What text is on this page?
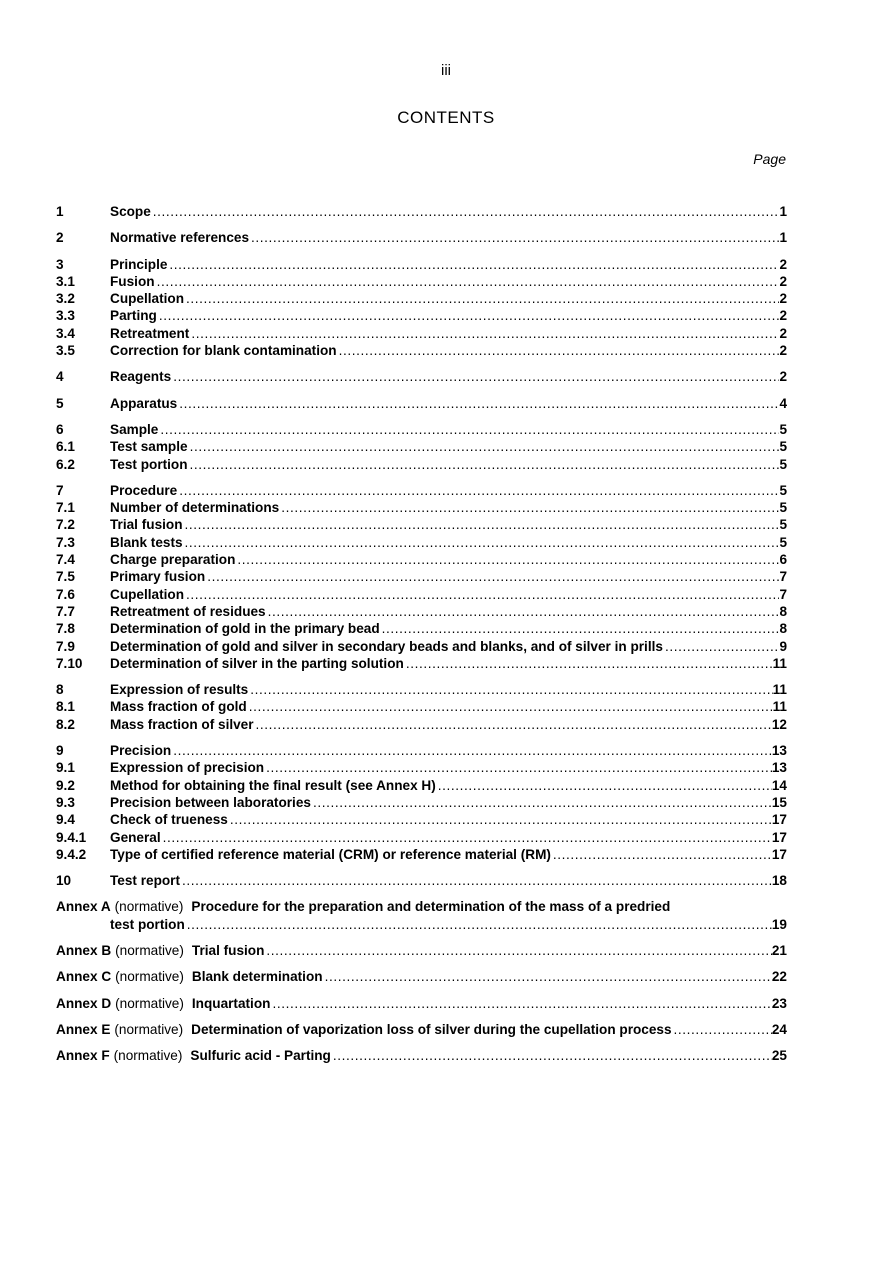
iii
CONTENTS
Page
1	Scope .....	1
2	Normative references .....	1
3	Principle .....	2
3.1	Fusion .....	2
3.2	Cupellation .....	2
3.3	Parting .....	2
3.4	Retreatment .....	2
3.5	Correction for blank contamination .....	2
4	Reagents .....	2
5	Apparatus .....	4
6	Sample .....	5
6.1	Test sample .....	5
6.2	Test portion .....	5
7	Procedure .....	5
7.1	Number of determinations .....	5
7.2	Trial fusion .....	5
7.3	Blank tests .....	5
7.4	Charge preparation .....	6
7.5	Primary fusion .....	7
7.6	Cupellation .....	7
7.7	Retreatment of residues .....	8
7.8	Determination of gold in the primary bead .....	8
7.9	Determination of gold and silver in secondary beads and blanks, and of silver in prills .....	9
7.10	Determination of silver in the parting solution .....	11
8	Expression of results .....	11
8.1	Mass fraction of gold .....	11
8.2	Mass fraction of silver .....	12
9	Precision .....	13
9.1	Expression of precision .....	13
9.2	Method for obtaining the final result (see Annex H) .....	14
9.3	Precision between laboratories .....	15
9.4	Check of trueness .....	17
9.4.1	General .....	17
9.4.2	Type of certified reference material (CRM) or reference material (RM) .....	17
10	Test report .....	18
Annex A (normative) Procedure for the preparation and determination of the mass of a predried
test portion .....	19
Annex B (normative) Trial fusion .....	21
Annex C (normative) Blank determination .....	22
Annex D (normative) Inquartation .....	23
Annex E (normative) Determination of vaporization loss of silver during the cupellation process .....	24
Annex F (normative) Sulfuric acid - Parting .....	25
